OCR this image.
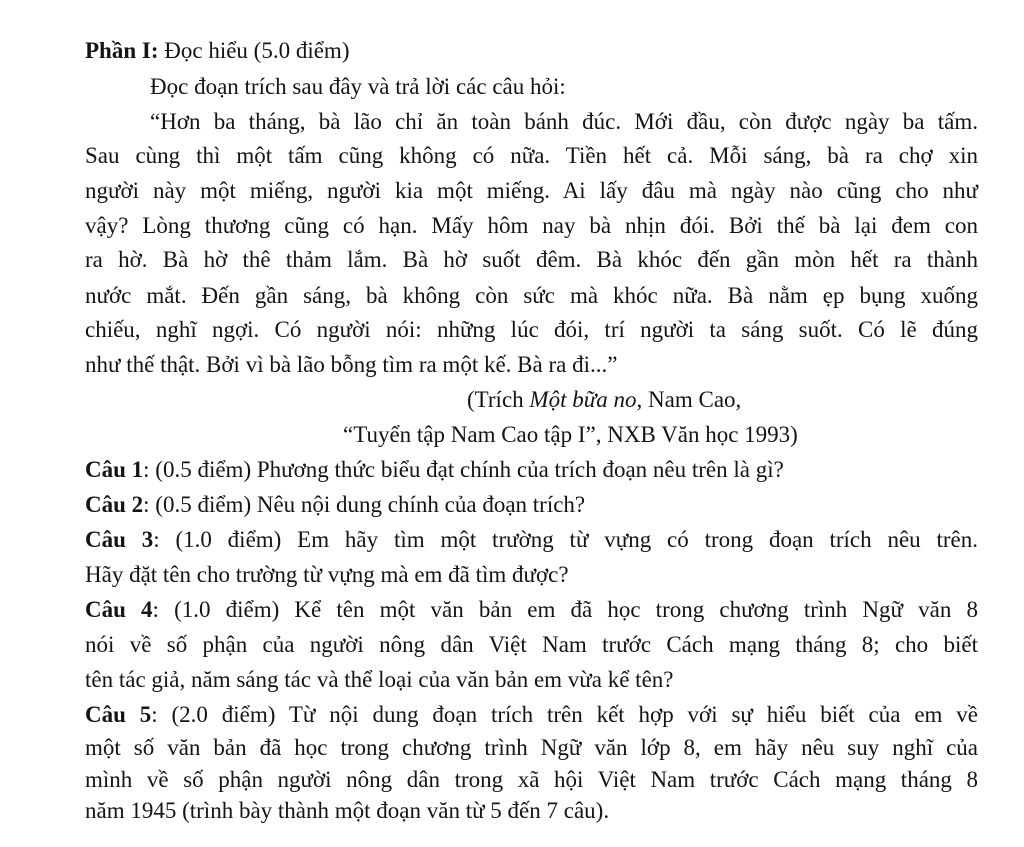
Phần I: Đọc hiểu (5.0 điểm)
Đọc đoạn trích sau đây và trả lời các câu hỏi:
“Hơn ba tháng, bà lão chỉ ăn toàn bánh đúc. Mới đầu, còn được ngày ba tấm.
Sau cùng thì một tấm cũng không có nữa. Tiền hết cả. Mỗi sáng, bà ra chợ xin
người này một miếng, người kia một miếng. Ai lấy đâu mà ngày nào cũng cho như
vậy? Lòng thương cũng có hạn. Mấy hôm nay bà nhịn đói. Bởi thế bà lại đem con
ra hờ. Bà hờ thê thảm lắm. Bà hờ suốt đêm. Bà khóc đến gần mòn hết ra thành
nước mắt. Đến gần sáng, bà không còn sức mà khóc nữa. Bà nằm ẹp bụng xuống
chiếu, nghĩ ngợi. Có người nói: những lúc đói, trí người ta sáng suốt. Có lẽ đúng
như thế thật. Bởi vì bà lão bỗng tìm ra một kế. Bà ra đi...”
(Trích Một bữa no, Nam Cao,
“Tuyển tập Nam Cao tập I”, NXB Văn học 1993)
Câu 1: (0.5 điểm) Phương thức biểu đạt chính của trích đoạn nêu trên là gì?
Câu 2: (0.5 điểm) Nêu nội dung chính của đoạn trích?
Câu 3: (1.0 điểm) Em hãy tìm một trường từ vựng có trong đoạn trích nêu trên.
Hãy đặt tên cho trường từ vựng mà em đã tìm được?
Câu 4: (1.0 điểm) Kể tên một văn bản em đã học trong chương trình Ngữ văn 8
nói về số phận của người nông dân Việt Nam trước Cách mạng tháng 8; cho biết
tên tác giả, năm sáng tác và thể loại của văn bản em vừa kể tên?
Câu 5: (2.0 điểm) Từ nội dung đoạn trích trên kết hợp với sự hiểu biết của em về
một số văn bản đã học trong chương trình Ngữ văn lớp 8, em hãy nêu suy nghĩ của
mình về số phận người nông dân trong xã hội Việt Nam trước Cách mạng tháng 8
năm 1945 (trình bày thành một đoạn văn từ 5 đến 7 câu).
